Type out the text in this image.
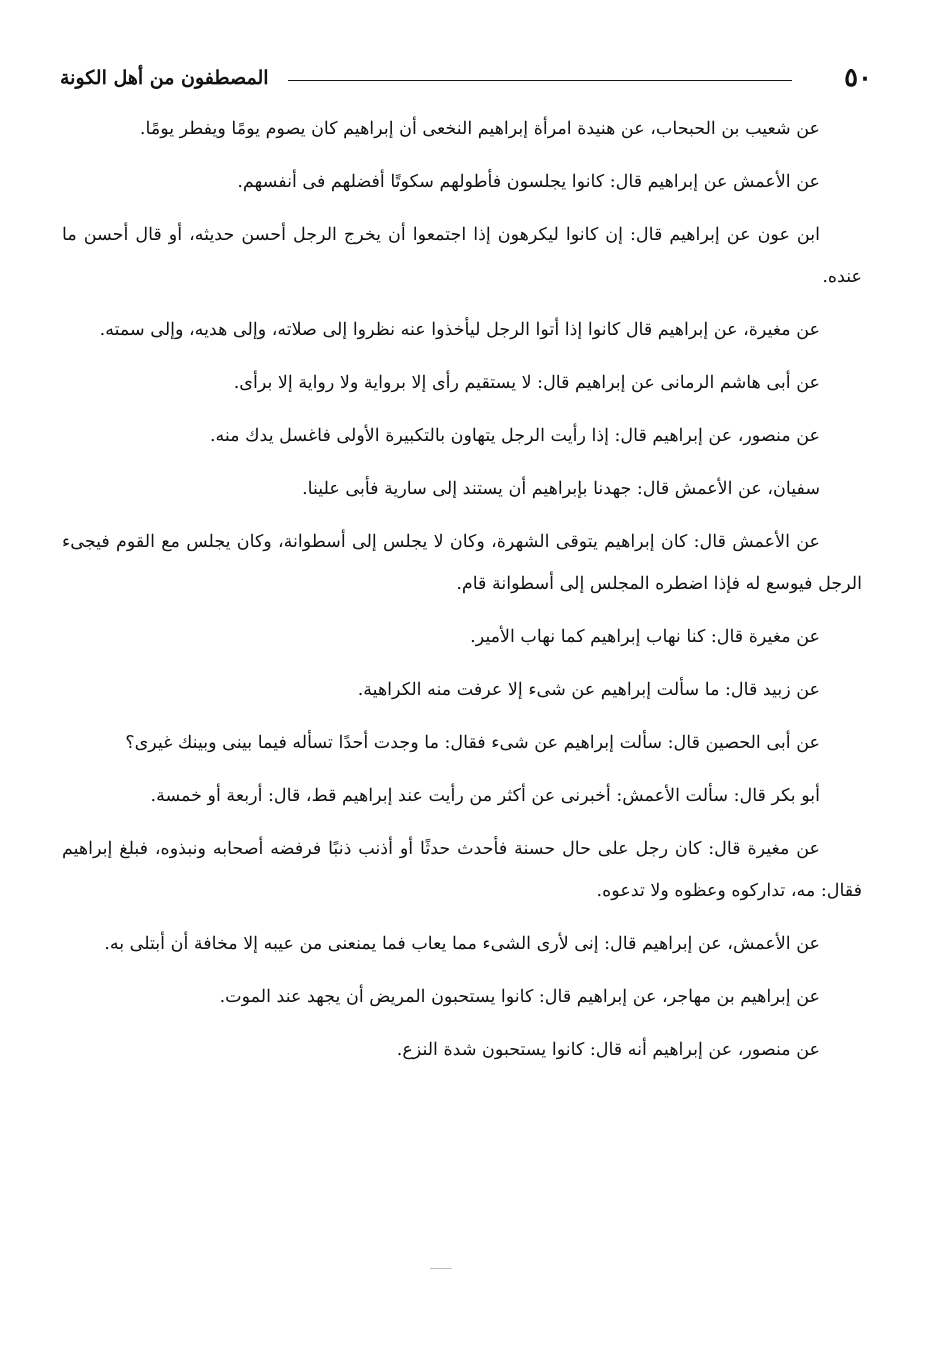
٥٠
المصطفون من أهل الكونة

عن شعيب بن الحبحاب، عن هنيدة امرأة إبراهيم النخعى أن إبراهيم كان يصوم يومًا ويفطر يومًا.

عن الأعمش عن إبراهيم قال: كانوا يجلسون فأطولهم سكوتًا أفضلهم فى أنفسهم.

ابن عون عن إبراهيم قال: إن كانوا ليكرهون إذا اجتمعوا أن يخرج الرجل أحسن حديثه، أو قال أحسن ما عنده.

عن مغيرة، عن إبراهيم قال كانوا إذا أتوا الرجل ليأخذوا عنه نظروا إلى صلاته، وإلى هديه، وإلى سمته.

عن أبى هاشم الرمانى عن إبراهيم قال: لا يستقيم رأى إلا برواية ولا رواية إلا برأى.

عن منصور، عن إبراهيم قال: إذا رأيت الرجل يتهاون بالتكبيرة الأولى فاغسل يدك منه.

سفيان، عن الأعمش قال: جهدنا بإبراهيم أن يستند إلى سارية فأبى علينا.

عن الأعمش قال: كان إبراهيم يتوقى الشهرة، وكان لا يجلس إلى أسطوانة، وكان يجلس مع القوم فيجىء الرجل فيوسع له فإذا اضطره المجلس إلى أسطوانة قام.

عن مغيرة قال: كنا نهاب إبراهيم كما نهاب الأمير.

عن زبيد قال: ما سألت إبراهيم عن شىء إلا عرفت منه الكراهية.

عن أبى الحصين قال: سألت إبراهيم عن شىء فقال: ما وجدت أحدًا تسأله فيما بينى وبينك غيرى؟

أبو بكر قال: سألت الأعمش: أخبرنى عن أكثر من رأيت عند إبراهيم قط، قال: أربعة أو خمسة.

عن مغيرة قال: كان رجل على حال حسنة فأحدث حدثًا أو أذنب ذنبًا فرفضه أصحابه ونبذوه، فبلغ إبراهيم فقال: مه، تداركوه وعظوه ولا تدعوه.

عن الأعمش، عن إبراهيم قال: إنى لأرى الشىء مما يعاب فما يمنعنى من عيبه إلا مخافة أن أبتلى به.

عن إبراهيم بن مهاجر، عن إبراهيم قال: كانوا يستحبون المريض أن يجهد عند الموت.

عن منصور، عن إبراهيم أنه قال: كانوا يستحبون شدة النزع.
